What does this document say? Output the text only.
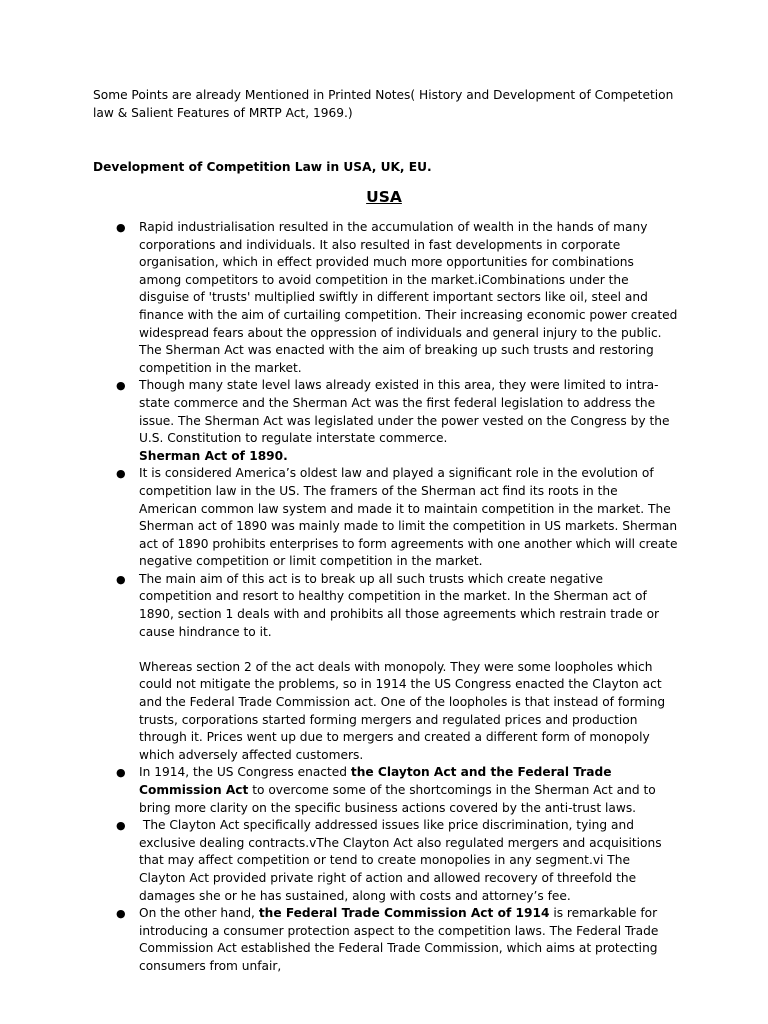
Some Points are already Mentioned in Printed Notes( History and Development of Competetion law & Salient Features of MRTP Act, 1969.)

Development of Competition Law in USA, UK, EU.

USA

● Rapid industrialisation resulted in the accumulation of wealth in the hands of many corporations and individuals. It also resulted in fast developments in corporate organisation, which in effect provided much more opportunities for combinations among competitors to avoid competition in the market.iCombinations under the disguise of 'trusts' multiplied swiftly in different important sectors like oil, steel and finance with the aim of curtailing competition. Their increasing economic power created widespread fears about the oppression of individuals and general injury to the public. The Sherman Act was enacted with the aim of breaking up such trusts and restoring competition in the market.

● Though many state level laws already existed in this area, they were limited to intra-state commerce and the Sherman Act was the first federal legislation to address the issue. The Sherman Act was legislated under the power vested on the Congress by the U.S. Constitution to regulate interstate commerce.

Sherman Act of 1890.

● It is considered America’s oldest law and played a significant role in the evolution of competition law in the US. The framers of the Sherman act find its roots in the American common law system and made it to maintain competition in the market. The Sherman act of 1890 was mainly made to limit the competition in US markets. Sherman act of 1890 prohibits enterprises to form agreements with one another which will create negative competition or limit competition in the market.

● The main aim of this act is to break up all such trusts which create negative competition and resort to healthy competition in the market. In the Sherman act of 1890, section 1 deals with and prohibits all those agreements which restrain trade or cause hindrance to it.

Whereas section 2 of the act deals with monopoly. They were some loopholes which could not mitigate the problems, so in 1914 the US Congress enacted the Clayton act and the Federal Trade Commission act. One of the loopholes is that instead of forming trusts, corporations started forming mergers and regulated prices and production through it. Prices went up due to mergers and created a different form of monopoly which adversely affected customers.

● In 1914, the US Congress enacted the Clayton Act and the Federal Trade Commission Act to overcome some of the shortcomings in the Sherman Act and to bring more clarity on the specific business actions covered by the anti-trust laws.

● The Clayton Act specifically addressed issues like price discrimination, tying and exclusive dealing contracts.vThe Clayton Act also regulated mergers and acquisitions that may affect competition or tend to create monopolies in any segment.vi The Clayton Act provided private right of action and allowed recovery of threefold the damages she or he has sustained, along with costs and attorney’s fee.

● On the other hand, the Federal Trade Commission Act of 1914 is remarkable for introducing a consumer protection aspect to the competition laws. The Federal Trade Commission Act established the Federal Trade Commission, which aims at protecting consumers from unfair,
